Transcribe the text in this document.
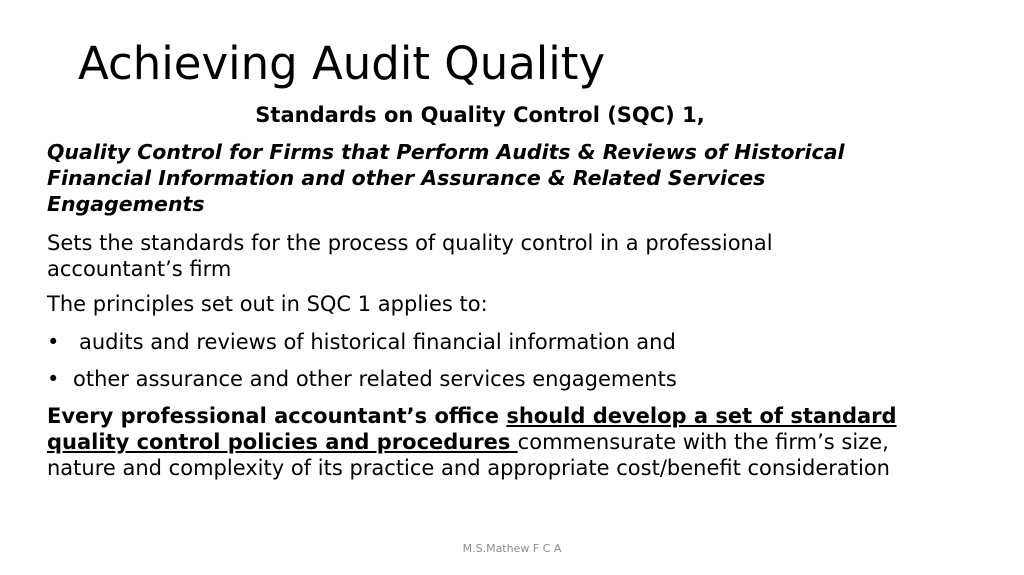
Achieving Audit Quality
Standards on Quality Control (SQC) 1,
Quality Control for Firms that Perform Audits & Reviews of Historical Financial Information and other Assurance & Related Services Engagements
Sets the standards for the process of quality control in a professional accountant’s firm
The principles set out in SQC 1 applies to:
• audits and reviews of historical financial information and
• other assurance and other related services engagements
Every professional accountant’s office should develop a set of standard quality control policies and procedures commensurate with the firm’s size, nature and complexity of its practice and appropriate cost/benefit consideration
M.S.Mathew F C A
